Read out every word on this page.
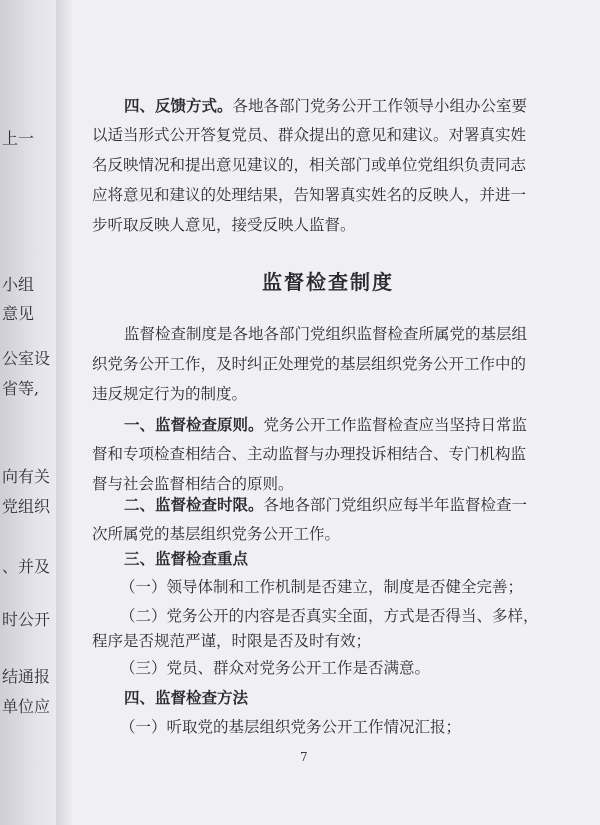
上一
小组
意见
公室设
省等,
向有关
党组织
、并及
时公开
结通报
单位应
四、反馈方式。各地各部门党务公开工作领导小组办公室要
以适当形式公开答复党员、群众提出的意见和建议。对署真实姓
名反映情况和提出意见建议的，相关部门或单位党组织负责同志
应将意见和建议的处理结果，告知署真实姓名的反映人，并进一
步听取反映人意见，接受反映人监督。
监督检查制度
监督检查制度是各地各部门党组织监督检查所属党的基层组
织党务公开工作，及时纠正处理党的基层组织党务公开工作中的
违反规定行为的制度。
一、监督检查原则。党务公开工作监督检查应当坚持日常监
督和专项检查相结合、主动监督与办理投诉相结合、专门机构监
督与社会监督相结合的原则。
二、监督检查时限。各地各部门党组织应每半年监督检查一
次所属党的基层组织党务公开工作。
三、监督检查重点
（一）领导体制和工作机制是否建立，制度是否健全完善；
（二）党务公开的内容是否真实全面，方式是否得当、多样，
程序是否规范严谨，时限是否及时有效；
（三）党员、群众对党务公开工作是否满意。
四、监督检查方法
（一）听取党的基层组织党务公开工作情况汇报；
7
